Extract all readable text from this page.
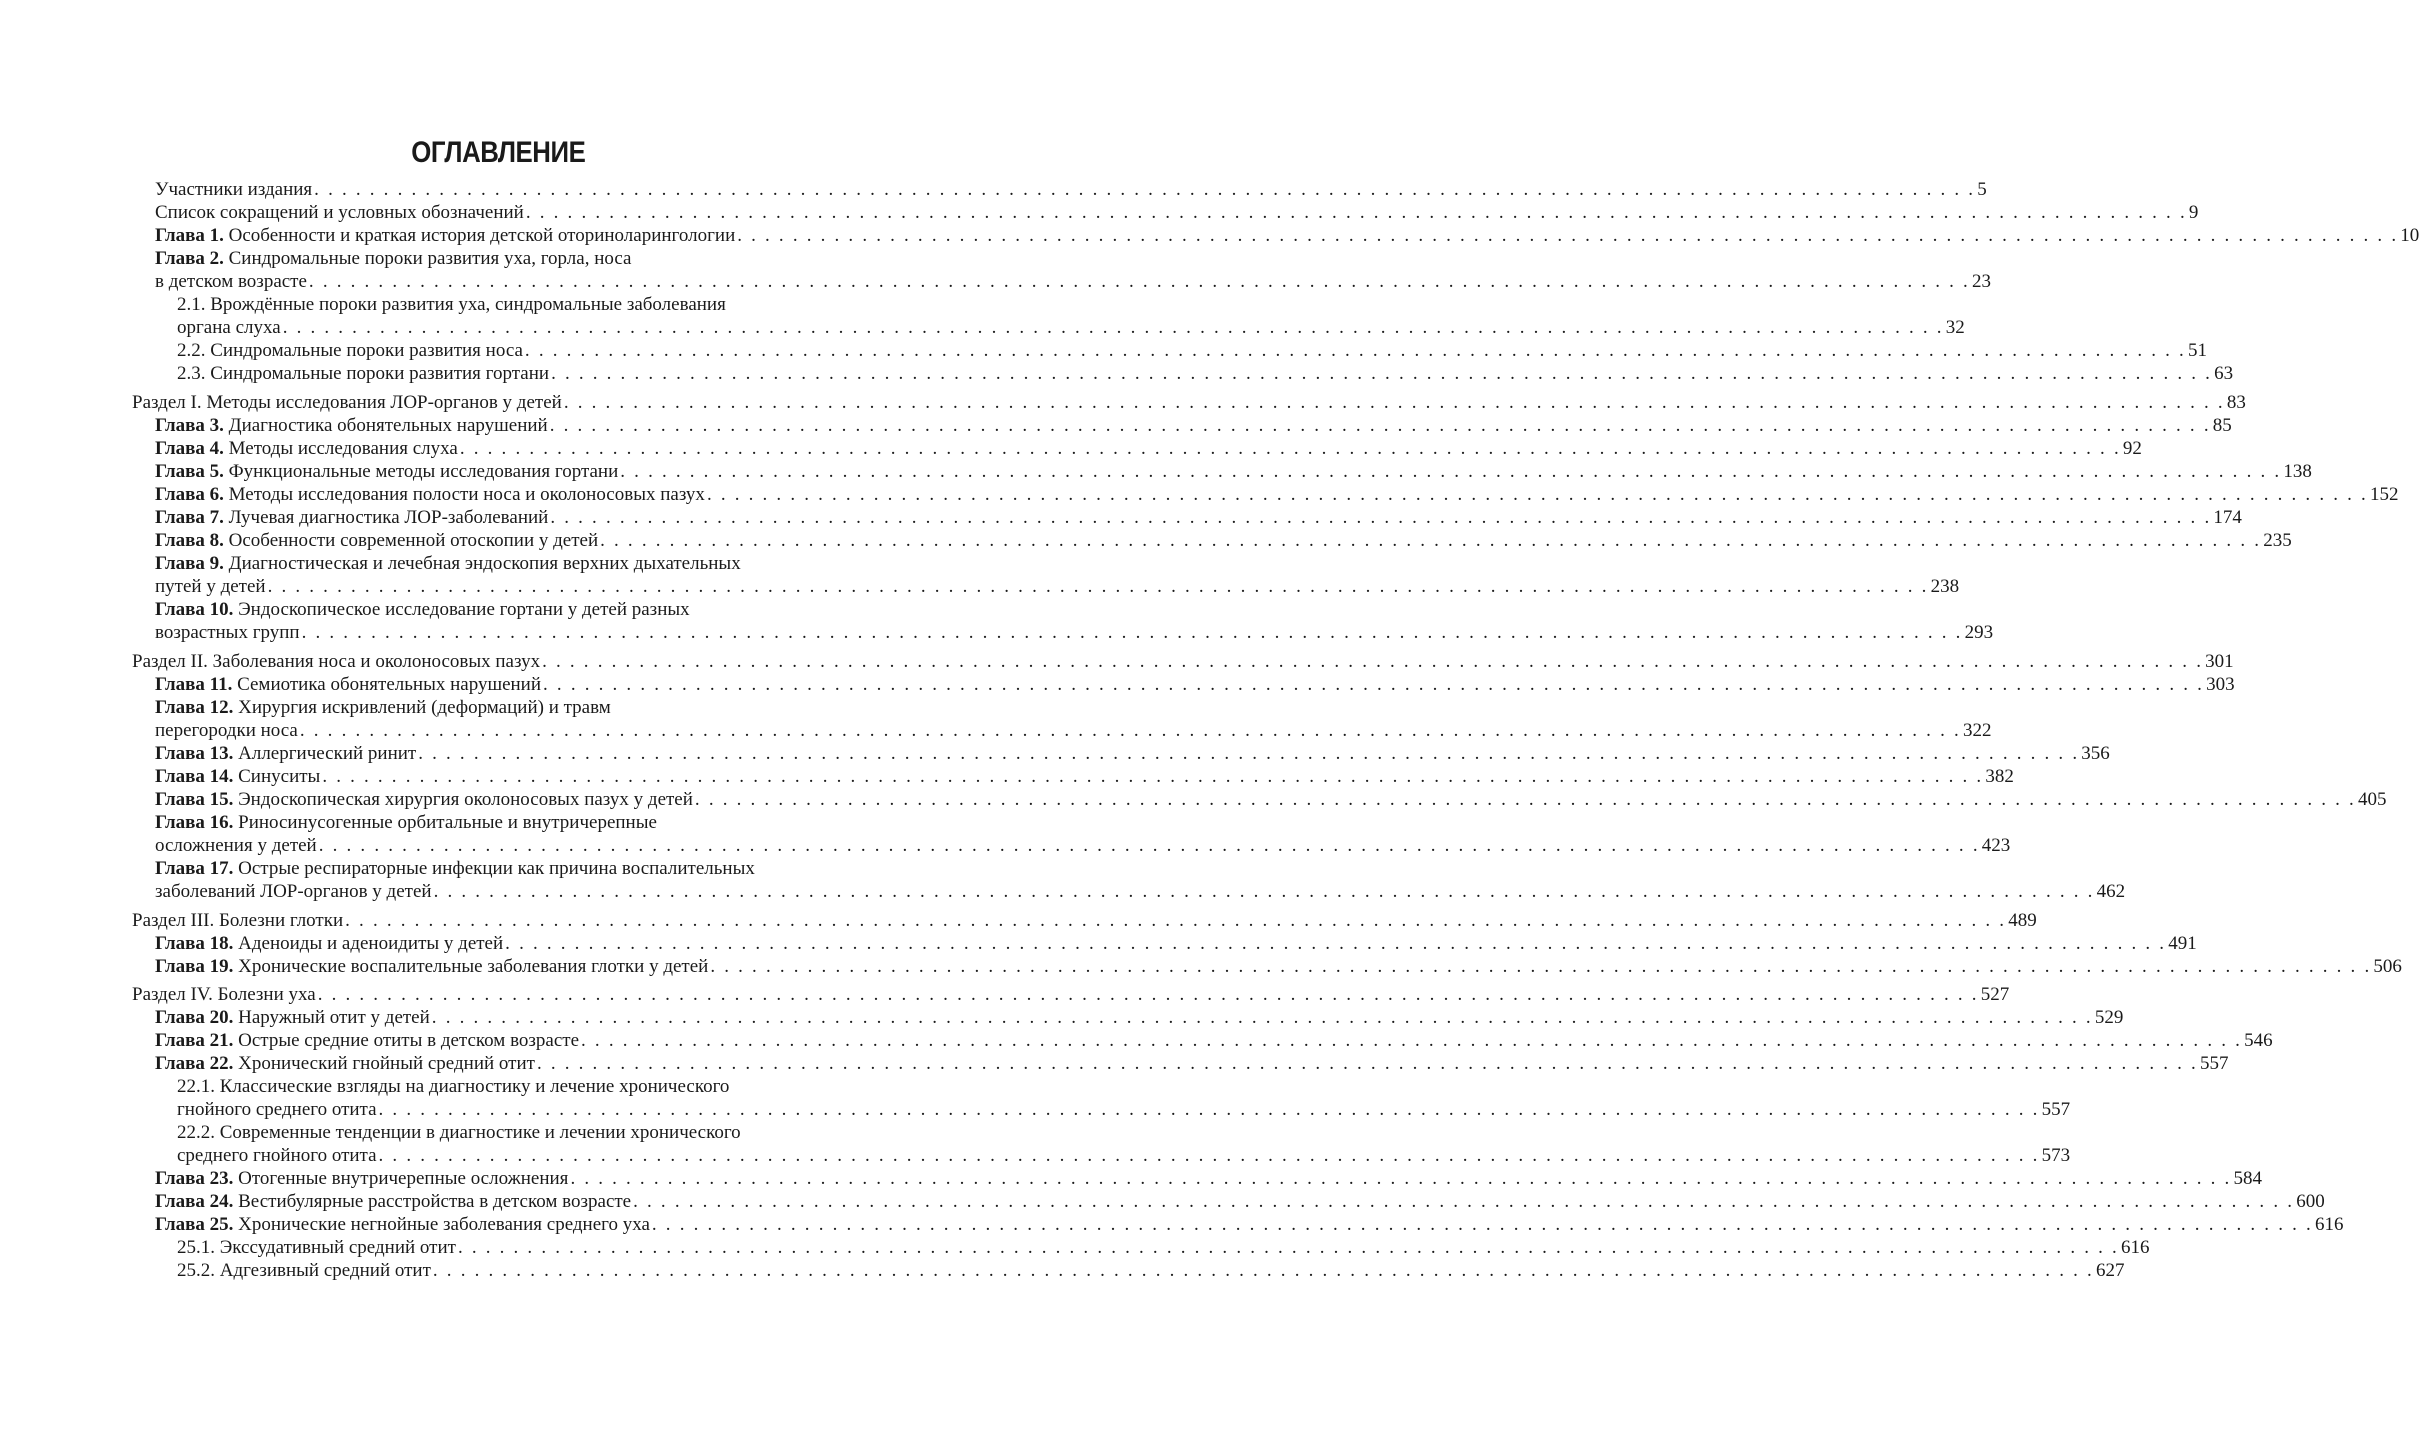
ОГЛАВЛЕНИЕ
Участники издания . . . . . . . . . . . . . . . . . . . . . . . . . . . . . . . . . . . . . . . . . . . . . . . . . . . . . . . . . . . . . . . . . . . . . . . . . . . . . . . . . . . . . . . . . . . . . . . . . . . . . . . . . . . . . . . . . . . . . . . . 5
Список сокращений и условных обозначений . . . . . . . . . . . . . . . . . . . . . . . . . . . . . . . . . . . . . . . . . . . . . . . . . . . . . . . . . . . . . . . . . . . . . . . . . . . . . . . . . . . . . . . . . . . . . . . . . . . . . . . . . . . . . . . . . . . . . . . . 9
Глава 1. Особенности и краткая история детской оториноларингологии . . . . . . . . . . . . . . . . . . . . . . . . . . . . . . . . . . . . . . . . . . . . . . . . . . . . . . . . . . . . . . . . . . . . . . . . . . . . . . . . . . . . . . . . . . . . . . . . . . . . . . . . . . . . . . . . . . . . . . . . 10
Глава 2. Синдромальные пороки развития уха, горла, носа
в детском возрасте . . . . . . . . . . . . . . . . . . . . . . . . . . . . . . . . . . . . . . . . . . . . . . . . . . . . . . . . . . . . . . . . . . . . . . . . . . . . . . . . . . . . . . . . . . . . . . . . . . . . . . . . . . . . . . . . . . . . . . . . 23
2.1. Врождённые пороки развития уха, синдромальные заболевания
органа слуха . . . . . . . . . . . . . . . . . . . . . . . . . . . . . . . . . . . . . . . . . . . . . . . . . . . . . . . . . . . . . . . . . . . . . . . . . . . . . . . . . . . . . . . . . . . . . . . . . . . . . . . . . . . . . . . . . . . . . . . . 32
2.2. Синдромальные пороки развития носа . . . . . . . . . . . . . . . . . . . . . . . . . . . . . . . . . . . . . . . . . . . . . . . . . . . . . . . . . . . . . . . . . . . . . . . . . . . . . . . . . . . . . . . . . . . . . . . . . . . . . . . . . . . . . . . . . . . . . . . . 51
2.3. Синдромальные пороки развития гортани . . . . . . . . . . . . . . . . . . . . . . . . . . . . . . . . . . . . . . . . . . . . . . . . . . . . . . . . . . . . . . . . . . . . . . . . . . . . . . . . . . . . . . . . . . . . . . . . . . . . . . . . . . . . . . . . . . . . . . . . 63
Раздел I. Методы исследования ЛОР-органов у детей . . . . . . . . . . . . . . . . . . . . . . . . . . . . . . . . . . . . . . . . . . . . . . . . . . . . . . . . . . . . . . . . . . . . . . . . . . . . . . . . . . . . . . . . . . . . . . . . . . . . . . . . . . . . . . . . . . . . . . . . 83
Глава 3. Диагностика обонятельных нарушений . . . . . . . . . . . . . . . . . . . . . . . . . . . . . . . . . . . . . . . . . . . . . . . . . . . . . . . . . . . . . . . . . . . . . . . . . . . . . . . . . . . . . . . . . . . . . . . . . . . . . . . . . . . . . . . . . . . . . . . . 85
Глава 4. Методы исследования слуха . . . . . . . . . . . . . . . . . . . . . . . . . . . . . . . . . . . . . . . . . . . . . . . . . . . . . . . . . . . . . . . . . . . . . . . . . . . . . . . . . . . . . . . . . . . . . . . . . . . . . . . . . . . . . . . . . . . . . . . . 92
Глава 5. Функциональные методы исследования гортани . . . . . . . . . . . . . . . . . . . . . . . . . . . . . . . . . . . . . . . . . . . . . . . . . . . . . . . . . . . . . . . . . . . . . . . . . . . . . . . . . . . . . . . . . . . . . . . . . . . . . . . . . . . . . . . . . . . . . . . . 138
Глава 6. Методы исследования полости носа и околоносовых пазух . . . . . . . . . . . . . . . . . . . . . . . . . . . . . . . . . . . . . . . . . . . . . . . . . . . . . . . . . . . . . . . . . . . . . . . . . . . . . . . . . . . . . . . . . . . . . . . . . . . . . . . . . . . . . . . . . . . . . . . . 152
Глава 7. Лучевая диагностика ЛОР-заболеваний . . . . . . . . . . . . . . . . . . . . . . . . . . . . . . . . . . . . . . . . . . . . . . . . . . . . . . . . . . . . . . . . . . . . . . . . . . . . . . . . . . . . . . . . . . . . . . . . . . . . . . . . . . . . . . . . . . . . . . . . 174
Глава 8. Особенности современной отоскопии у детей . . . . . . . . . . . . . . . . . . . . . . . . . . . . . . . . . . . . . . . . . . . . . . . . . . . . . . . . . . . . . . . . . . . . . . . . . . . . . . . . . . . . . . . . . . . . . . . . . . . . . . . . . . . . . . . . . . . . . . . . 235
Глава 9. Диагностическая и лечебная эндоскопия верхних дыхательных
путей у детей . . . . . . . . . . . . . . . . . . . . . . . . . . . . . . . . . . . . . . . . . . . . . . . . . . . . . . . . . . . . . . . . . . . . . . . . . . . . . . . . . . . . . . . . . . . . . . . . . . . . . . . . . . . . . . . . . . . . . . . . 238
Глава 10. Эндоскопическое исследование гортани у детей разных
возрастных групп . . . . . . . . . . . . . . . . . . . . . . . . . . . . . . . . . . . . . . . . . . . . . . . . . . . . . . . . . . . . . . . . . . . . . . . . . . . . . . . . . . . . . . . . . . . . . . . . . . . . . . . . . . . . . . . . . . . . . . . . 293
Раздел II. Заболевания носа и околоносовых пазух . . . . . . . . . . . . . . . . . . . . . . . . . . . . . . . . . . . . . . . . . . . . . . . . . . . . . . . . . . . . . . . . . . . . . . . . . . . . . . . . . . . . . . . . . . . . . . . . . . . . . . . . . . . . . . . . . . . . . . . . 301
Глава 11. Семиотика обонятельных нарушений . . . . . . . . . . . . . . . . . . . . . . . . . . . . . . . . . . . . . . . . . . . . . . . . . . . . . . . . . . . . . . . . . . . . . . . . . . . . . . . . . . . . . . . . . . . . . . . . . . . . . . . . . . . . . . . . . . . . . . . . 303
Глава 12. Хирургия искривлений (деформаций) и травм
перегородки носа . . . . . . . . . . . . . . . . . . . . . . . . . . . . . . . . . . . . . . . . . . . . . . . . . . . . . . . . . . . . . . . . . . . . . . . . . . . . . . . . . . . . . . . . . . . . . . . . . . . . . . . . . . . . . . . . . . . . . . . . 322
Глава 13. Аллергический ринит . . . . . . . . . . . . . . . . . . . . . . . . . . . . . . . . . . . . . . . . . . . . . . . . . . . . . . . . . . . . . . . . . . . . . . . . . . . . . . . . . . . . . . . . . . . . . . . . . . . . . . . . . . . . . . . . . . . . . . . . 356
Глава 14. Синуситы . . . . . . . . . . . . . . . . . . . . . . . . . . . . . . . . . . . . . . . . . . . . . . . . . . . . . . . . . . . . . . . . . . . . . . . . . . . . . . . . . . . . . . . . . . . . . . . . . . . . . . . . . . . . . . . . . . . . . . . . 382
Глава 15. Эндоскопическая хирургия околоносовых пазух у детей . . . . . . . . . . . . . . . . . . . . . . . . . . . . . . . . . . . . . . . . . . . . . . . . . . . . . . . . . . . . . . . . . . . . . . . . . . . . . . . . . . . . . . . . . . . . . . . . . . . . . . . . . . . . . . . . . . . . . . . . 405
Глава 16. Риносинусогенные орбитальные и внутричерепные
осложнения у детей . . . . . . . . . . . . . . . . . . . . . . . . . . . . . . . . . . . . . . . . . . . . . . . . . . . . . . . . . . . . . . . . . . . . . . . . . . . . . . . . . . . . . . . . . . . . . . . . . . . . . . . . . . . . . . . . . . . . . . . . 423
Глава 17. Острые респираторные инфекции как причина воспалительных
заболеваний ЛОР-органов у детей . . . . . . . . . . . . . . . . . . . . . . . . . . . . . . . . . . . . . . . . . . . . . . . . . . . . . . . . . . . . . . . . . . . . . . . . . . . . . . . . . . . . . . . . . . . . . . . . . . . . . . . . . . . . . . . . . . . . . . . . 462
Раздел III. Болезни глотки . . . . . . . . . . . . . . . . . . . . . . . . . . . . . . . . . . . . . . . . . . . . . . . . . . . . . . . . . . . . . . . . . . . . . . . . . . . . . . . . . . . . . . . . . . . . . . . . . . . . . . . . . . . . . . . . . . . . . . . . 489
Глава 18. Аденоиды и аденоидиты у детей . . . . . . . . . . . . . . . . . . . . . . . . . . . . . . . . . . . . . . . . . . . . . . . . . . . . . . . . . . . . . . . . . . . . . . . . . . . . . . . . . . . . . . . . . . . . . . . . . . . . . . . . . . . . . . . . . . . . . . . . 491
Глава 19. Хронические воспалительные заболевания глотки у детей . . . . . . . . . . . . . . . . . . . . . . . . . . . . . . . . . . . . . . . . . . . . . . . . . . . . . . . . . . . . . . . . . . . . . . . . . . . . . . . . . . . . . . . . . . . . . . . . . . . . . . . . . . . . . . . . . . . . . . . . 506
Раздел IV. Болезни уха . . . . . . . . . . . . . . . . . . . . . . . . . . . . . . . . . . . . . . . . . . . . . . . . . . . . . . . . . . . . . . . . . . . . . . . . . . . . . . . . . . . . . . . . . . . . . . . . . . . . . . . . . . . . . . . . . . . . . . . . 527
Глава 20. Наружный отит у детей . . . . . . . . . . . . . . . . . . . . . . . . . . . . . . . . . . . . . . . . . . . . . . . . . . . . . . . . . . . . . . . . . . . . . . . . . . . . . . . . . . . . . . . . . . . . . . . . . . . . . . . . . . . . . . . . . . . . . . . . 529
Глава 21. Острые средние отиты в детском возрасте . . . . . . . . . . . . . . . . . . . . . . . . . . . . . . . . . . . . . . . . . . . . . . . . . . . . . . . . . . . . . . . . . . . . . . . . . . . . . . . . . . . . . . . . . . . . . . . . . . . . . . . . . . . . . . . . . . . . . . . . 546
Глава 22. Хронический гнойный средний отит . . . . . . . . . . . . . . . . . . . . . . . . . . . . . . . . . . . . . . . . . . . . . . . . . . . . . . . . . . . . . . . . . . . . . . . . . . . . . . . . . . . . . . . . . . . . . . . . . . . . . . . . . . . . . . . . . . . . . . . . 557
22.1. Классические взгляды на диагностику и лечение хронического
гнойного среднего отита . . . . . . . . . . . . . . . . . . . . . . . . . . . . . . . . . . . . . . . . . . . . . . . . . . . . . . . . . . . . . . . . . . . . . . . . . . . . . . . . . . . . . . . . . . . . . . . . . . . . . . . . . . . . . . . . . . . . . . . . 557
22.2. Современные тенденции в диагностике и лечении хронического
среднего гнойного отита . . . . . . . . . . . . . . . . . . . . . . . . . . . . . . . . . . . . . . . . . . . . . . . . . . . . . . . . . . . . . . . . . . . . . . . . . . . . . . . . . . . . . . . . . . . . . . . . . . . . . . . . . . . . . . . . . . . . . . . . 573
Глава 23. Отогенные внутричерепные осложнения . . . . . . . . . . . . . . . . . . . . . . . . . . . . . . . . . . . . . . . . . . . . . . . . . . . . . . . . . . . . . . . . . . . . . . . . . . . . . . . . . . . . . . . . . . . . . . . . . . . . . . . . . . . . . . . . . . . . . . . . 584
Глава 24. Вестибулярные расстройства в детском возрасте . . . . . . . . . . . . . . . . . . . . . . . . . . . . . . . . . . . . . . . . . . . . . . . . . . . . . . . . . . . . . . . . . . . . . . . . . . . . . . . . . . . . . . . . . . . . . . . . . . . . . . . . . . . . . . . . . . . . . . . . 600
Глава 25. Хронические негнойные заболевания среднего уха . . . . . . . . . . . . . . . . . . . . . . . . . . . . . . . . . . . . . . . . . . . . . . . . . . . . . . . . . . . . . . . . . . . . . . . . . . . . . . . . . . . . . . . . . . . . . . . . . . . . . . . . . . . . . . . . . . . . . . . . 616
25.1. Экссудативный средний отит . . . . . . . . . . . . . . . . . . . . . . . . . . . . . . . . . . . . . . . . . . . . . . . . . . . . . . . . . . . . . . . . . . . . . . . . . . . . . . . . . . . . . . . . . . . . . . . . . . . . . . . . . . . . . . . . . . . . . . . . 616
25.2. Адгезивный средний отит . . . . . . . . . . . . . . . . . . . . . . . . . . . . . . . . . . . . . . . . . . . . . . . . . . . . . . . . . . . . . . . . . . . . . . . . . . . . . . . . . . . . . . . . . . . . . . . . . . . . . . . . . . . . . . . . . . . . . . . . 627
